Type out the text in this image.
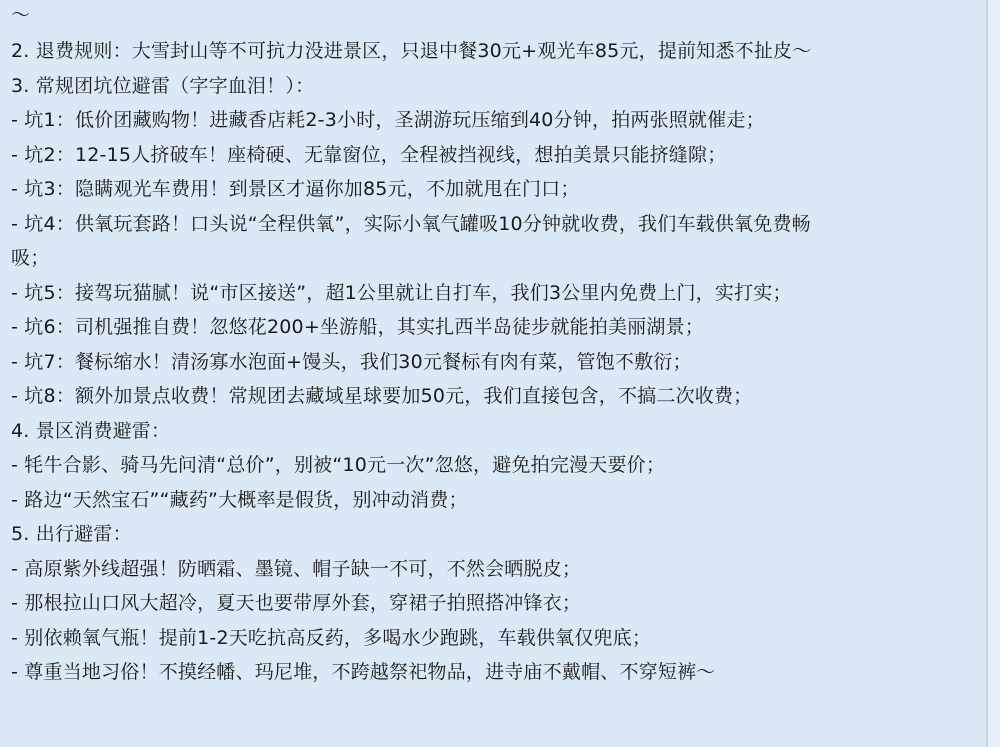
～
2. 退费规则：大雪封山等不可抗力没进景区，只退中餐30元+观光车85元，提前知悉不扯皮～
3. 常规团坑位避雷（字字血泪！）：
- 坑1：低价团藏购物！进藏香店耗2-3小时，圣湖游玩压缩到40分钟，拍两张照就催走；
- 坑2：12-15人挤破车！座椅硬、无靠窗位，全程被挡视线，想拍美景只能挤缝隙；
- 坑3：隐瞒观光车费用！到景区才逼你加85元，不加就甩在门口；
- 坑4：供氧玩套路！口头说“全程供氧”，实际小氧气罐吸10分钟就收费，我们车载供氧免费畅
吸；
- 坑5：接驾玩猫腻！说“市区接送”，超1公里就让自打车，我们3公里内免费上门，实打实；
- 坑6：司机强推自费！忽悠花200+坐游船，其实扎西半岛徒步就能拍美丽湖景；
- 坑7：餐标缩水！清汤寡水泡面+馒头，我们30元餐标有肉有菜，管饱不敷衍；
- 坑8：额外加景点收费！常规团去藏域星球要加50元，我们直接包含，不搞二次收费；
4. 景区消费避雷：
- 牦牛合影、骑马先问清“总价”，别被“10元一次”忽悠，避免拍完漫天要价；
- 路边“天然宝石”“藏药”大概率是假货，别冲动消费；
5. 出行避雷：
- 高原紫外线超强！防晒霜、墨镜、帽子缺一不可，不然会晒脱皮；
- 那根拉山口风大超冷，夏天也要带厚外套，穿裙子拍照搭冲锋衣；
- 别依赖氧气瓶！提前1-2天吃抗高反药，多喝水少跑跳，车载供氧仅兜底；
- 尊重当地习俗！不摸经幡、玛尼堆，不跨越祭祀物品，进寺庙不戴帽、不穿短裤～
